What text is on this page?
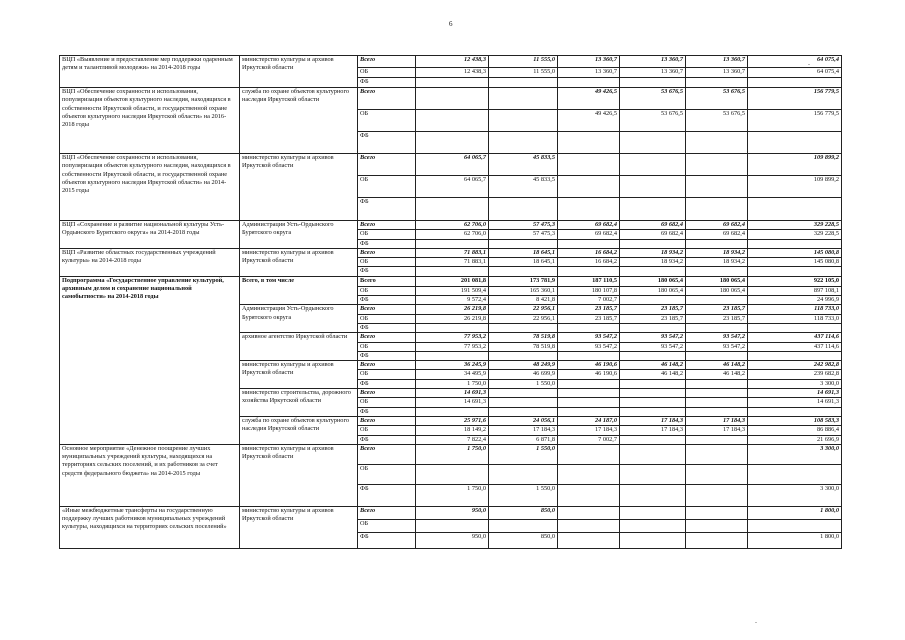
6
ВЦП «Выявление и предоставление мер поддержки одаренным детям и талантливой молодежи» на 2014-2018 годы	министерство культуры и архивов Иркутской области	Всего	12 438,3	11 555,0	13 360,7	13 360,7	13 360,7	64 075,4
		ОБ	12 438,3	11 555,0	13 360,7	13 360,7	13 360,7	64 075,4
		ФБ						
ВЦП «Обеспечение сохранности и использования, популяризация объектов культурного наследия, находящихся в собственности Иркутской области, и государственной охране объектов культурного наследия Иркутской области» на 2016-2018 годы	служба по охране объектов культурного наследия Иркутской области	Всего			49 426,5	53 676,5	53 676,5	156 779,5
		ОБ			49 426,5	53 676,5	53 676,5	156 779,5
		ФБ						
ВЦП «Обеспечение сохранности и использования, популяризация объектов культурного наследия, находящихся в собственности Иркутской области, и государственной охране объектов культурного наследия Иркутской области» на 2014-2015 годы	министерство культуры и архивов Иркутской области	Всего	64 065,7	45 833,5				109 899,2
		ОБ	64 065,7	45 833,5				109 899,2
		ФБ						
ВЦП «Сохранение и развитие национальной культуры Усть-Ордынского Бурятского округа» на 2014-2018 годы	Администрация Усть-Ордынского Бурятского округа	Всего	62 706,0	57 475,3	69 682,4	69 682,4	69 682,4	329 228,5
		ОБ	62 706,0	57 475,3	69 682,4	69 682,4	69 682,4	329 228,5
		ФБ						
ВЦП «Развитие областных государственных учреждений культуры» на 2014-2018 годы	министерство культуры и архивов Иркутской области	Всего	71 883,1	18 645,1	16 684,2	18 934,2	18 934,2	145 080,8
		ОБ	71 883,1	18 645,1	16 684,2	18 934,2	18 934,2	145 080,8
		ФБ						
Подпрограмма «Государственное управление культурой, архивным делом и сохранение национальной самобытности» на 2014-2018 годы	Всего, в том числе	Всего	201 081,8	173 781,9	187 110,5	180 065,4	180 065,4	922 105,0
		ОБ	191 509,4	165 360,1	180 107,8	180 065,4	180 065,4	897 108,1
		ФБ	9 572,4	8 421,8	7 002,7			24 996,9
	Администрация Усть-Ордынского Бурятского округа	Всего	26 219,8	22 956,1	23 185,7	23 185,7	23 185,7	118 733,0
		ОБ	26 219,8	22 956,1	23 185,7	23 185,7	23 185,7	118 733,0
		ФБ						
	архивное агентство Иркутской области	Всего	77 953,2	78 519,8	93 547,2	93 547,2	93 547,2	437 114,6
		ОБ	77 953,2	78 519,8	93 547,2	93 547,2	93 547,2	437 114,6
		ФБ						
	министерство культуры и архивов Иркутской области	Всего	36 245,9	48 249,9	46 190,6	46 148,2	46 148,2	242 982,8
		ОБ	34 495,9	46 699,9	46 190,6	46 148,2	46 148,2	239 682,8
		ФБ	1 750,0	1 550,0				3 300,0
	министерство строительства, дорожного хозяйства Иркутской области	Всего	14 691,3					14 691,3
		ОБ	14 691,3					14 691,3
		ФБ						
	служба по охране объектов культурного наследия Иркутской области	Всего	25 971,6	24 056,1	24 187,0	17 184,3	17 184,3	108 583,3
		ОБ	18 149,2	17 184,3	17 184,3	17 184,3	17 184,3	86 886,4
		ФБ	7 822,4	6 871,8	7 002,7			21 696,9
Основное мероприятие «Денежное поощрение лучших муниципальных учреждений культуры, находящихся на территориях сельских поселений, и их работников за счет средств федерального бюджета» на 2014-2015 годы	министерство культуры и архивов Иркутской области	Всего	1 750,0	1 550,0				3 300,0
		ОБ						
		ФБ	1 750,0	1 550,0				3 300,0
«Иные межбюджетные трансферты на государственную поддержку лучших работников муниципальных учреждений культуры, находящихся на территориях сельских поселений»	министерство культуры и архивов Иркутской области	Всего	950,0	850,0				1 800,0
		ОБ						
		ФБ	950,0	850,0				1 800,0
